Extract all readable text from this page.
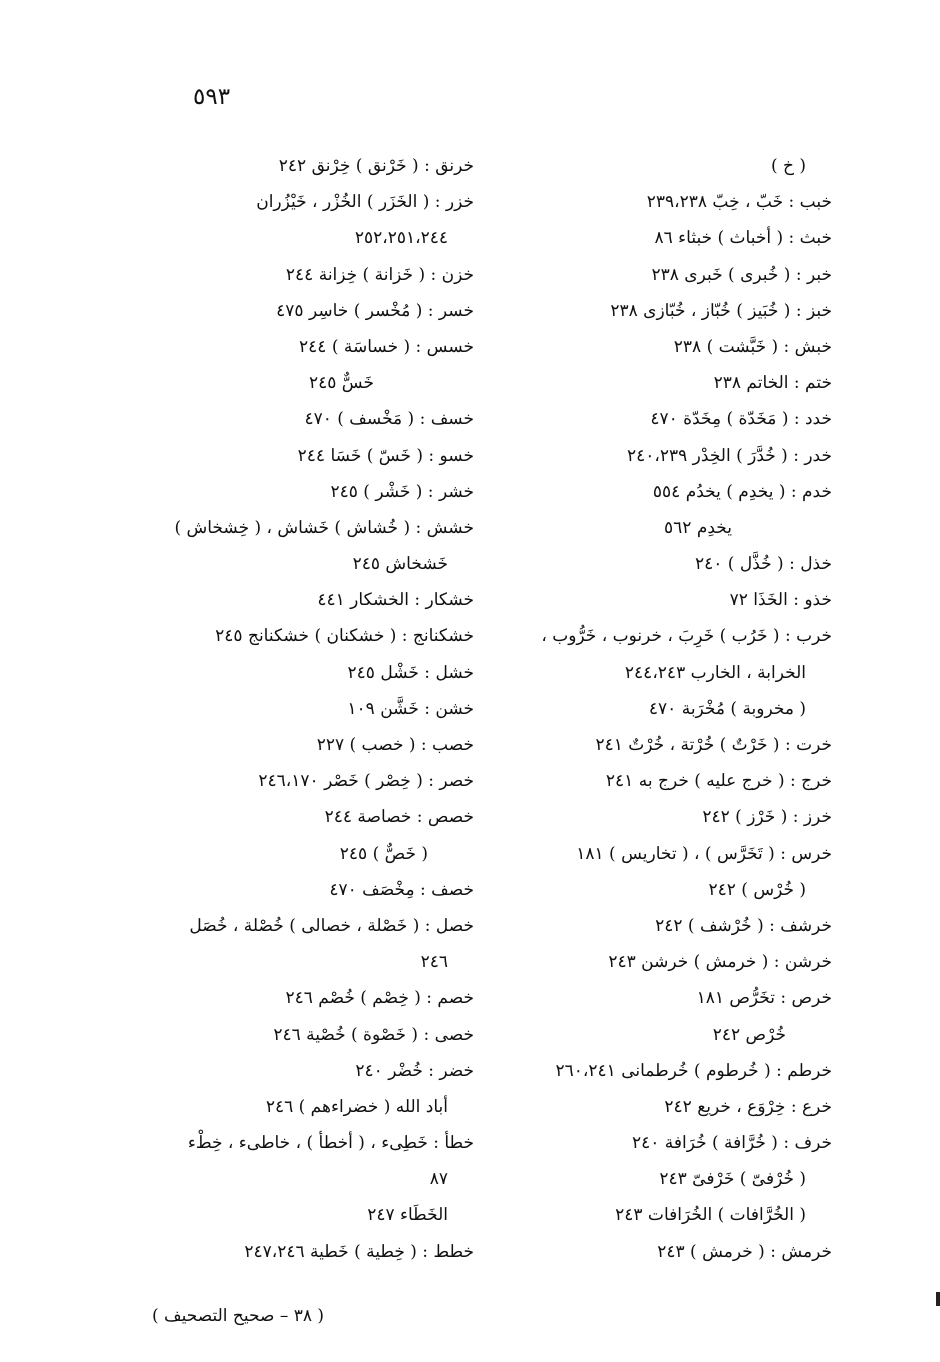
٥٩٣
( خ )
خبب : خَبّ ، خِبّ ٢٣٩،٢٣٨
خبث : ( أخباث ) خبثاء ٨٦
خبر : ( خُبرى ) خَبرى ٢٣٨
خبز : ( خُبَيز ) خُبّاز ، خُبّازى ٢٣٨
خبش : ( خَبَّشت ) ٢٣٨
ختم : الخاتم ٢٣٨
خدد : ( مَخَدّة ) مِخَدّة ٤٧٠
خدر : ( خُدَّرَ ) الخِدْر ٢٤٠،٢٣٩
خدم : ( يخدِم ) يخدُم ٥٥٤
يخدِم ٥٦٢
خذل : ( خُذَّل ) ٢٤٠
خذو : الخَذَا ٧٢
خرب : ( خَرُب ) خَرِبَ ، خرنوب ، خَرُّوب ،
الخرابة ، الخارب ٢٤٤،٢٤٣
( مخروبة ) مُخْرَبة ٤٧٠
خرت : ( خَرْتٌ ) خُرْتة ، خُرْتٌ ٢٤١
خرج : ( خرج عليه ) خرج به ٢٤١
خرز : ( خَرْز ) ٢٤٢
خرس : ( تَخَرَّس ) ، ( تخاريس ) ١٨١
( خُرْس ) ٢٤٢
خرشف : ( خُرْشف ) ٢٤٢
خرشن : ( خرمش ) خرشن ٢٤٣
خرص : تخَرُّص ١٨١
خُرْص ٢٤٢
خرطم : ( خُرطوم ) خُرطمانى ٢٦٠،٢٤١
خرع : خِرْوَع ، خريع ٢٤٢
خرف : ( خُرَّافة ) خُرَافة ٢٤٠
( خُرْفىّ ) خَرْفىّ ٢٤٣
( الخُرَّافات ) الخُرَافات ٢٤٣
خرمش : ( خرمش ) ٢٤٣
خرنق : ( خَرْنق ) خِرْنق ٢٤٢
خزر : ( الخَزَر ) الخُزْر ، خَيْزُران
٢٥٢،٢٥١،٢٤٤
خزن : ( خَزانة ) خِزانة ٢٤٤
خسر : ( مُخْسر ) خاسِر ٤٧٥
خسس : ( خساسَة ) ٢٤٤
خَسٌّ ٢٤٥
خسف : ( مَخْسف ) ٤٧٠
خسو : ( خَسّ ) خَسَا ٢٤٤
خشر : ( خَشْر ) ٢٤٥
خشش : ( خُشاش ) خَشاش ، ( خِشخاش )
خَشخاش ٢٤٥
خشكار : الخشكار ٤٤١
خشكنانج : ( خشكنان ) خشكنانج ٢٤٥
خشل : خَشْل ٢٤٥
خشن : خَشَّن ١٠٩
خصب : ( خصب ) ٢٢٧
خصر : ( خِصْر ) خَصْر ٢٤٦،١٧٠
خصص : خصاصة ٢٤٤
( خَصٌّ ) ٢٤٥
خصف : مِخْصَف ٤٧٠
خصل : ( خَصْلة ، خصالى ) خُصْلة ، خُصَل
٢٤٦
خصم : ( خِصْم ) خُصْم ٢٤٦
خصى : ( خَصْوة ) خُصْية ٢٤٦
خضر : خُضْر ٢٤٠
أباد الله ( خضراءهم ) ٢٤٦
خطأ : خَطِىء ، ( أخطأ ) ، خاطىء ، خِطْء
٨٧
الخَطَاء ٢٤٧
خطط : ( خِطية ) خَطية ٢٤٧،٢٤٦
( ٣٨ – صحيح التصحيف )
